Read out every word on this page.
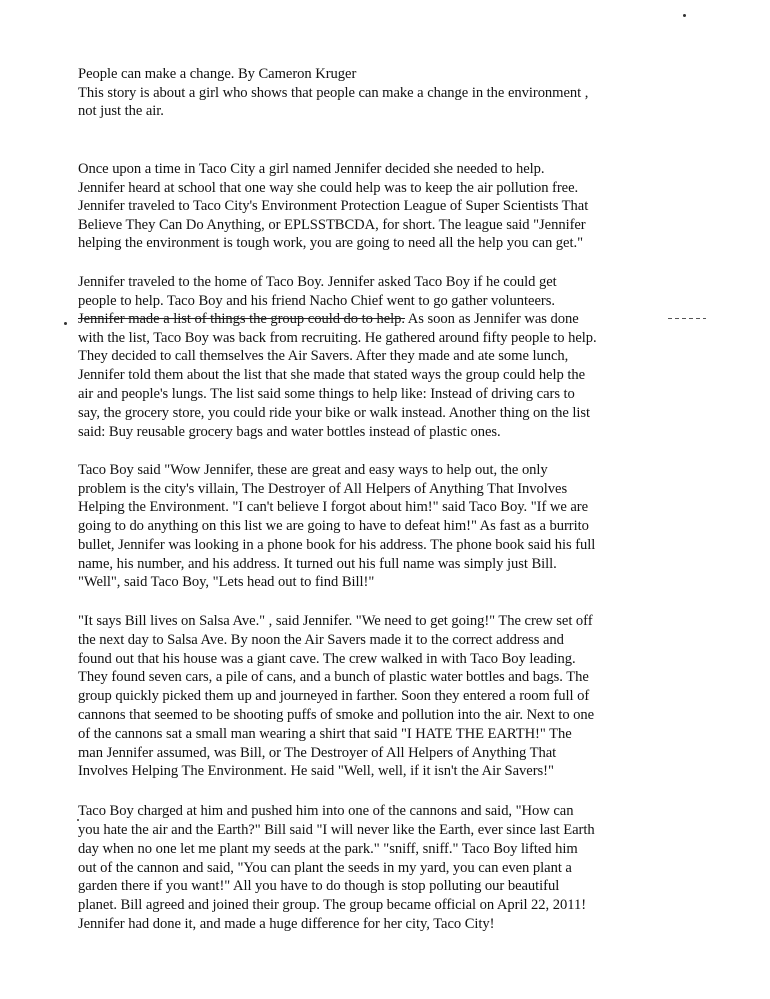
People can make a change. By Cameron Kruger
This story is about a girl who shows that people can make a change in the environment ,
not just the air.
Once upon a time in Taco City a girl named Jennifer decided she needed to help.
Jennifer heard at school that one way she could help was to keep the air pollution free.
Jennifer traveled to Taco City's Environment Protection League of Super Scientists That
Believe They Can Do Anything, or EPLSSTBCDA, for short. The league said "Jennifer
helping the environment is tough work, you are going to need all the help you can get."
Jennifer traveled to the home of Taco Boy. Jennifer asked Taco Boy if he could get
people to help. Taco Boy and his friend Nacho Chief went to go gather volunteers.
Jennifer made a list of things the group could do to help. As soon as Jennifer was done
with the list, Taco Boy was back from recruiting. He gathered around fifty people to help.
They decided to call themselves the Air Savers. After they made and ate some lunch,
Jennifer told them about the list that she made that stated ways the group could help the
air and people's lungs. The list said some things to help like: Instead of driving cars to
say, the grocery store, you could ride your bike or walk instead. Another thing on the list
said: Buy reusable grocery bags and water bottles instead of plastic ones.
Taco Boy said "Wow Jennifer, these are great and easy ways to help out, the only
problem is the city's villain, The Destroyer of All Helpers of Anything That Involves
Helping the Environment. "I can't believe I forgot about him!" said Taco Boy. "If we are
going to do anything on this list we are going to have to defeat him!" As fast as a burrito
bullet, Jennifer was looking in a phone book for his address. The phone book said his full
name, his number, and his address. It turned out his full name was simply just Bill.
"Well", said Taco Boy, "Lets head out to find Bill!"
"It says Bill lives on Salsa Ave." , said Jennifer. "We need to get going!" The crew set off
the next day to Salsa Ave. By noon the Air Savers made it to the correct address and
found out that his house was a giant cave. The crew walked in with Taco Boy leading.
They found seven cars, a pile of cans, and a bunch of plastic water bottles and bags. The
group quickly picked them up and journeyed in farther. Soon they entered a room full of
cannons that seemed to be shooting puffs of smoke and pollution into the air. Next to one
of the cannons sat a small man wearing a shirt that said "I HATE THE EARTH!" The
man Jennifer assumed, was Bill, or The Destroyer of All Helpers of Anything That
Involves Helping The Environment. He said "Well, well, if it isn't the Air Savers!"
Taco Boy charged at him and pushed him into one of the cannons and said, "How can
you hate the air and the Earth?" Bill said "I will never like the Earth, ever since last Earth
day when no one let me plant my seeds at the park." "sniff, sniff." Taco Boy lifted him
out of the cannon and said, "You can plant the seeds in my yard, you can even plant a
garden there if you want!" All you have to do though is stop polluting our beautiful
planet. Bill agreed and joined their group. The group became official on April 22, 2011!
Jennifer had done it, and made a huge difference for her city, Taco City!
